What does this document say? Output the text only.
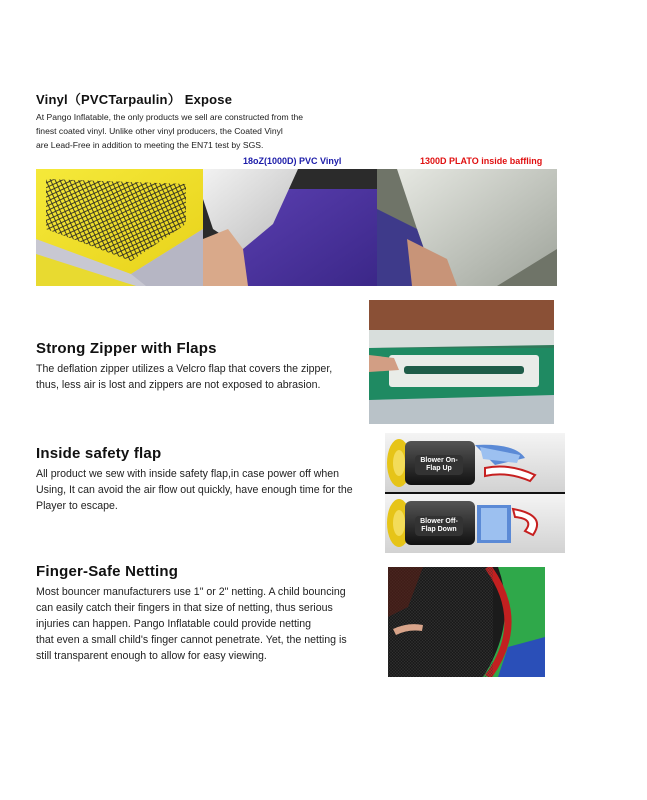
Vinyl（PVCTarpaulin） Expose
At Pango Inflatable, the only products we sell are constructed from the
finest coated vinyl. Unlike other vinyl producers, the Coated Vinyl
are Lead-Free in addition to meeting the EN71 test by SGS.
18oZ(1000D) PVC Vinyl	1300D PLATO inside baffling
Strong Zipper with Flaps
The deflation zipper utilizes a Velcro flap that covers the zipper,
thus, less air is lost and zippers are not exposed to abrasion.
Inside safety flap
All product we sew with inside safety flap,in case power off when
Using, It can avoid the air flow out quickly, have enough time for the
Player to escape.
Blower On-
Flap Up
Blower Off-
Flap Down
Finger-Safe Netting
Most bouncer manufacturers use 1" or 2" netting. A child bouncing
can easily catch their fingers in that size of netting, thus serious
injuries can happen. Pango Inflatable could provide netting
that even a small child's finger cannot penetrate. Yet, the netting is
still transparent enough to allow for easy viewing.
